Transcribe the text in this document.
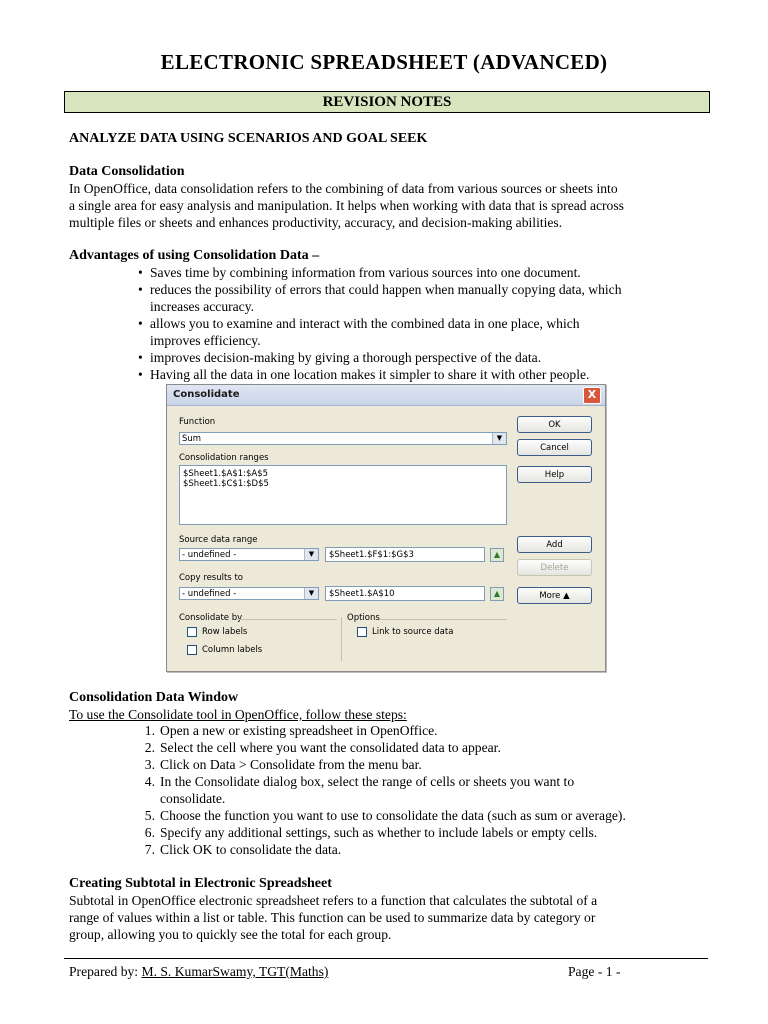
ELECTRONIC SPREADSHEET (ADVANCED)
REVISION NOTES
ANALYZE DATA USING SCENARIOS AND GOAL SEEK
Data Consolidation
In OpenOffice, data consolidation refers to the combining of data from various sources or sheets into
a single area for easy analysis and manipulation. It helps when working with data that is spread across
multiple files or sheets and enhances productivity, accuracy, and decision-making abilities.
Advantages of using Consolidation Data –
• Saves time by combining information from various sources into one document.
• reduces the possibility of errors that could happen when manually copying data, which
increases accuracy.
• allows you to examine and interact with the combined data in one place, which
improves efficiency.
• improves decision-making by giving a thorough perspective of the data.
• Having all the data in one location makes it simpler to share it with other people.
Consolidate	X
Function
Sum	▼
Consolidation ranges
$Sheet1.$A$1:$A$5
$Sheet1.$C$1:$D$5
Source data range
- undefined -	▼	$Sheet1.$F$1:$G$3	▲
Copy results to
- undefined -	▼	$Sheet1.$A$10	▲
Consolidate by
Row labels
Column labels
Options
Link to source data
OK
Cancel
Help
Add
Delete
More ▲
Consolidation Data Window
To use the Consolidate tool in OpenOffice, follow these steps:
1. Open a new or existing spreadsheet in OpenOffice.
2. Select the cell where you want the consolidated data to appear.
3. Click on Data > Consolidate from the menu bar.
4. In the Consolidate dialog box, select the range of cells or sheets you want to
consolidate.
5. Choose the function you want to use to consolidate the data (such as sum or average).
6. Specify any additional settings, such as whether to include labels or empty cells.
7. Click OK to consolidate the data.
Creating Subtotal in Electronic Spreadsheet
Subtotal in OpenOffice electronic spreadsheet refers to a function that calculates the subtotal of a
range of values within a list or table. This function can be used to summarize data by category or
group, allowing you to quickly see the total for each group.
Prepared by: M. S. KumarSwamy, TGT(Maths)	Page - 1 -
